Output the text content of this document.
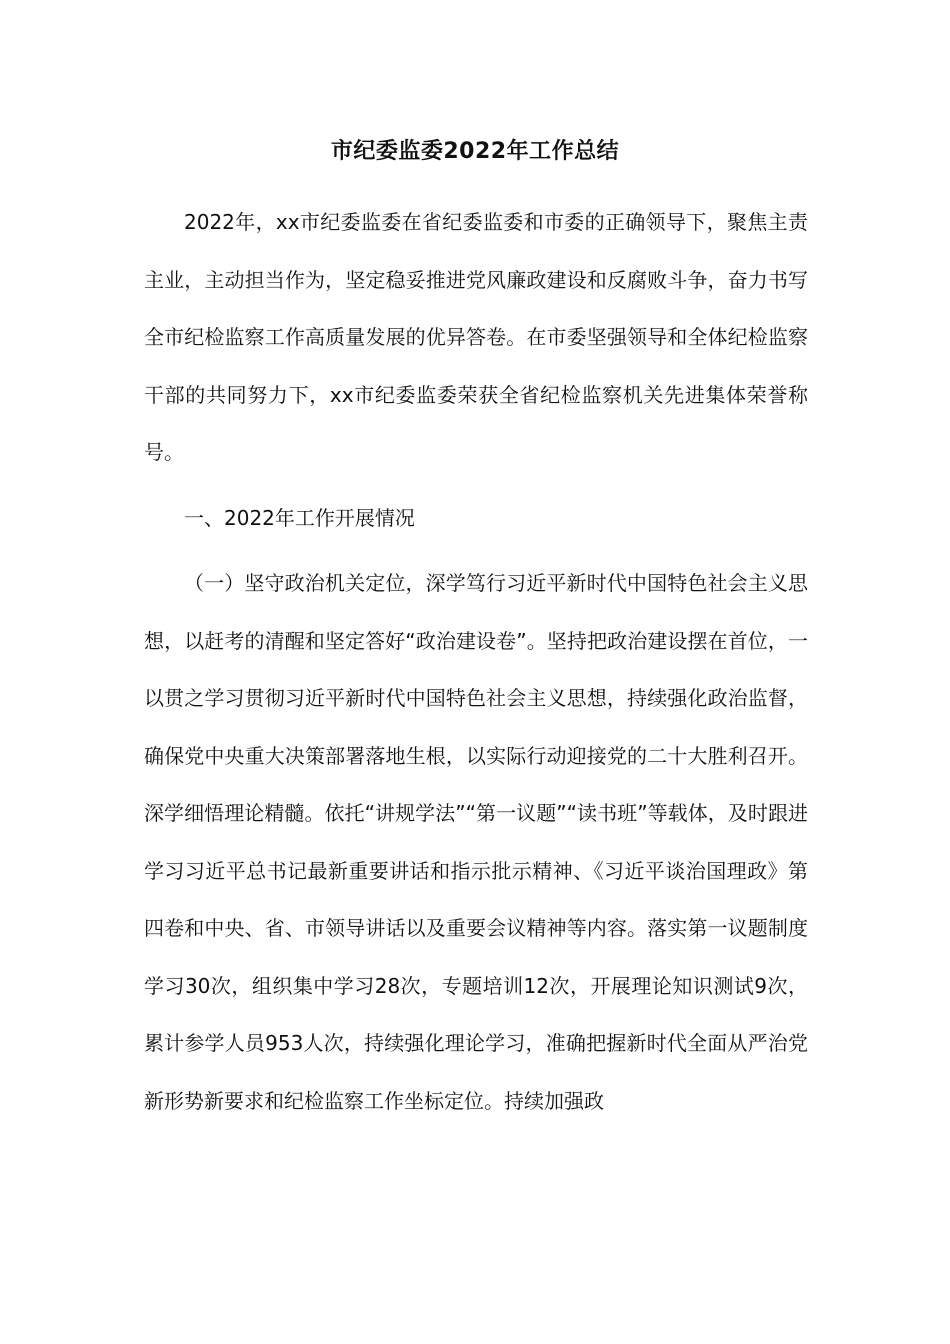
市纪委监委2022年工作总结

2022年，xx市纪委监委在省纪委监委和市委的正确领导下，聚焦主责主业，主动担当作为，坚定稳妥推进党风廉政建设和反腐败斗争，奋力书写全市纪检监察工作高质量发展的优异答卷。在市委坚强领导和全体纪检监察干部的共同努力下，xx市纪委监委荣获全省纪检监察机关先进集体荣誉称号。

一、2022年工作开展情况

（一）坚守政治机关定位，深学笃行习近平新时代中国特色社会主义思想，以赶考的清醒和坚定答好“政治建设卷”。坚持把政治建设摆在首位，一以贯之学习贯彻习近平新时代中国特色社会主义思想，持续强化政治监督，确保党中央重大决策部署落地生根，以实际行动迎接党的二十大胜利召开。深学细悟理论精髓。依托“讲规学法”“第一议题”“读书班”等载体，及时跟进学习习近平总书记最新重要讲话和指示批示精神、《习近平谈治国理政》第四卷和中央、省、市领导讲话以及重要会议精神等内容。落实第一议题制度学习30次，组织集中学习28次，专题培训12次，开展理论知识测试9次，累计参学人员953人次，持续强化理论学习，准确把握新时代全面从严治党新形势新要求和纪检监察工作坐标定位。持续加强政
